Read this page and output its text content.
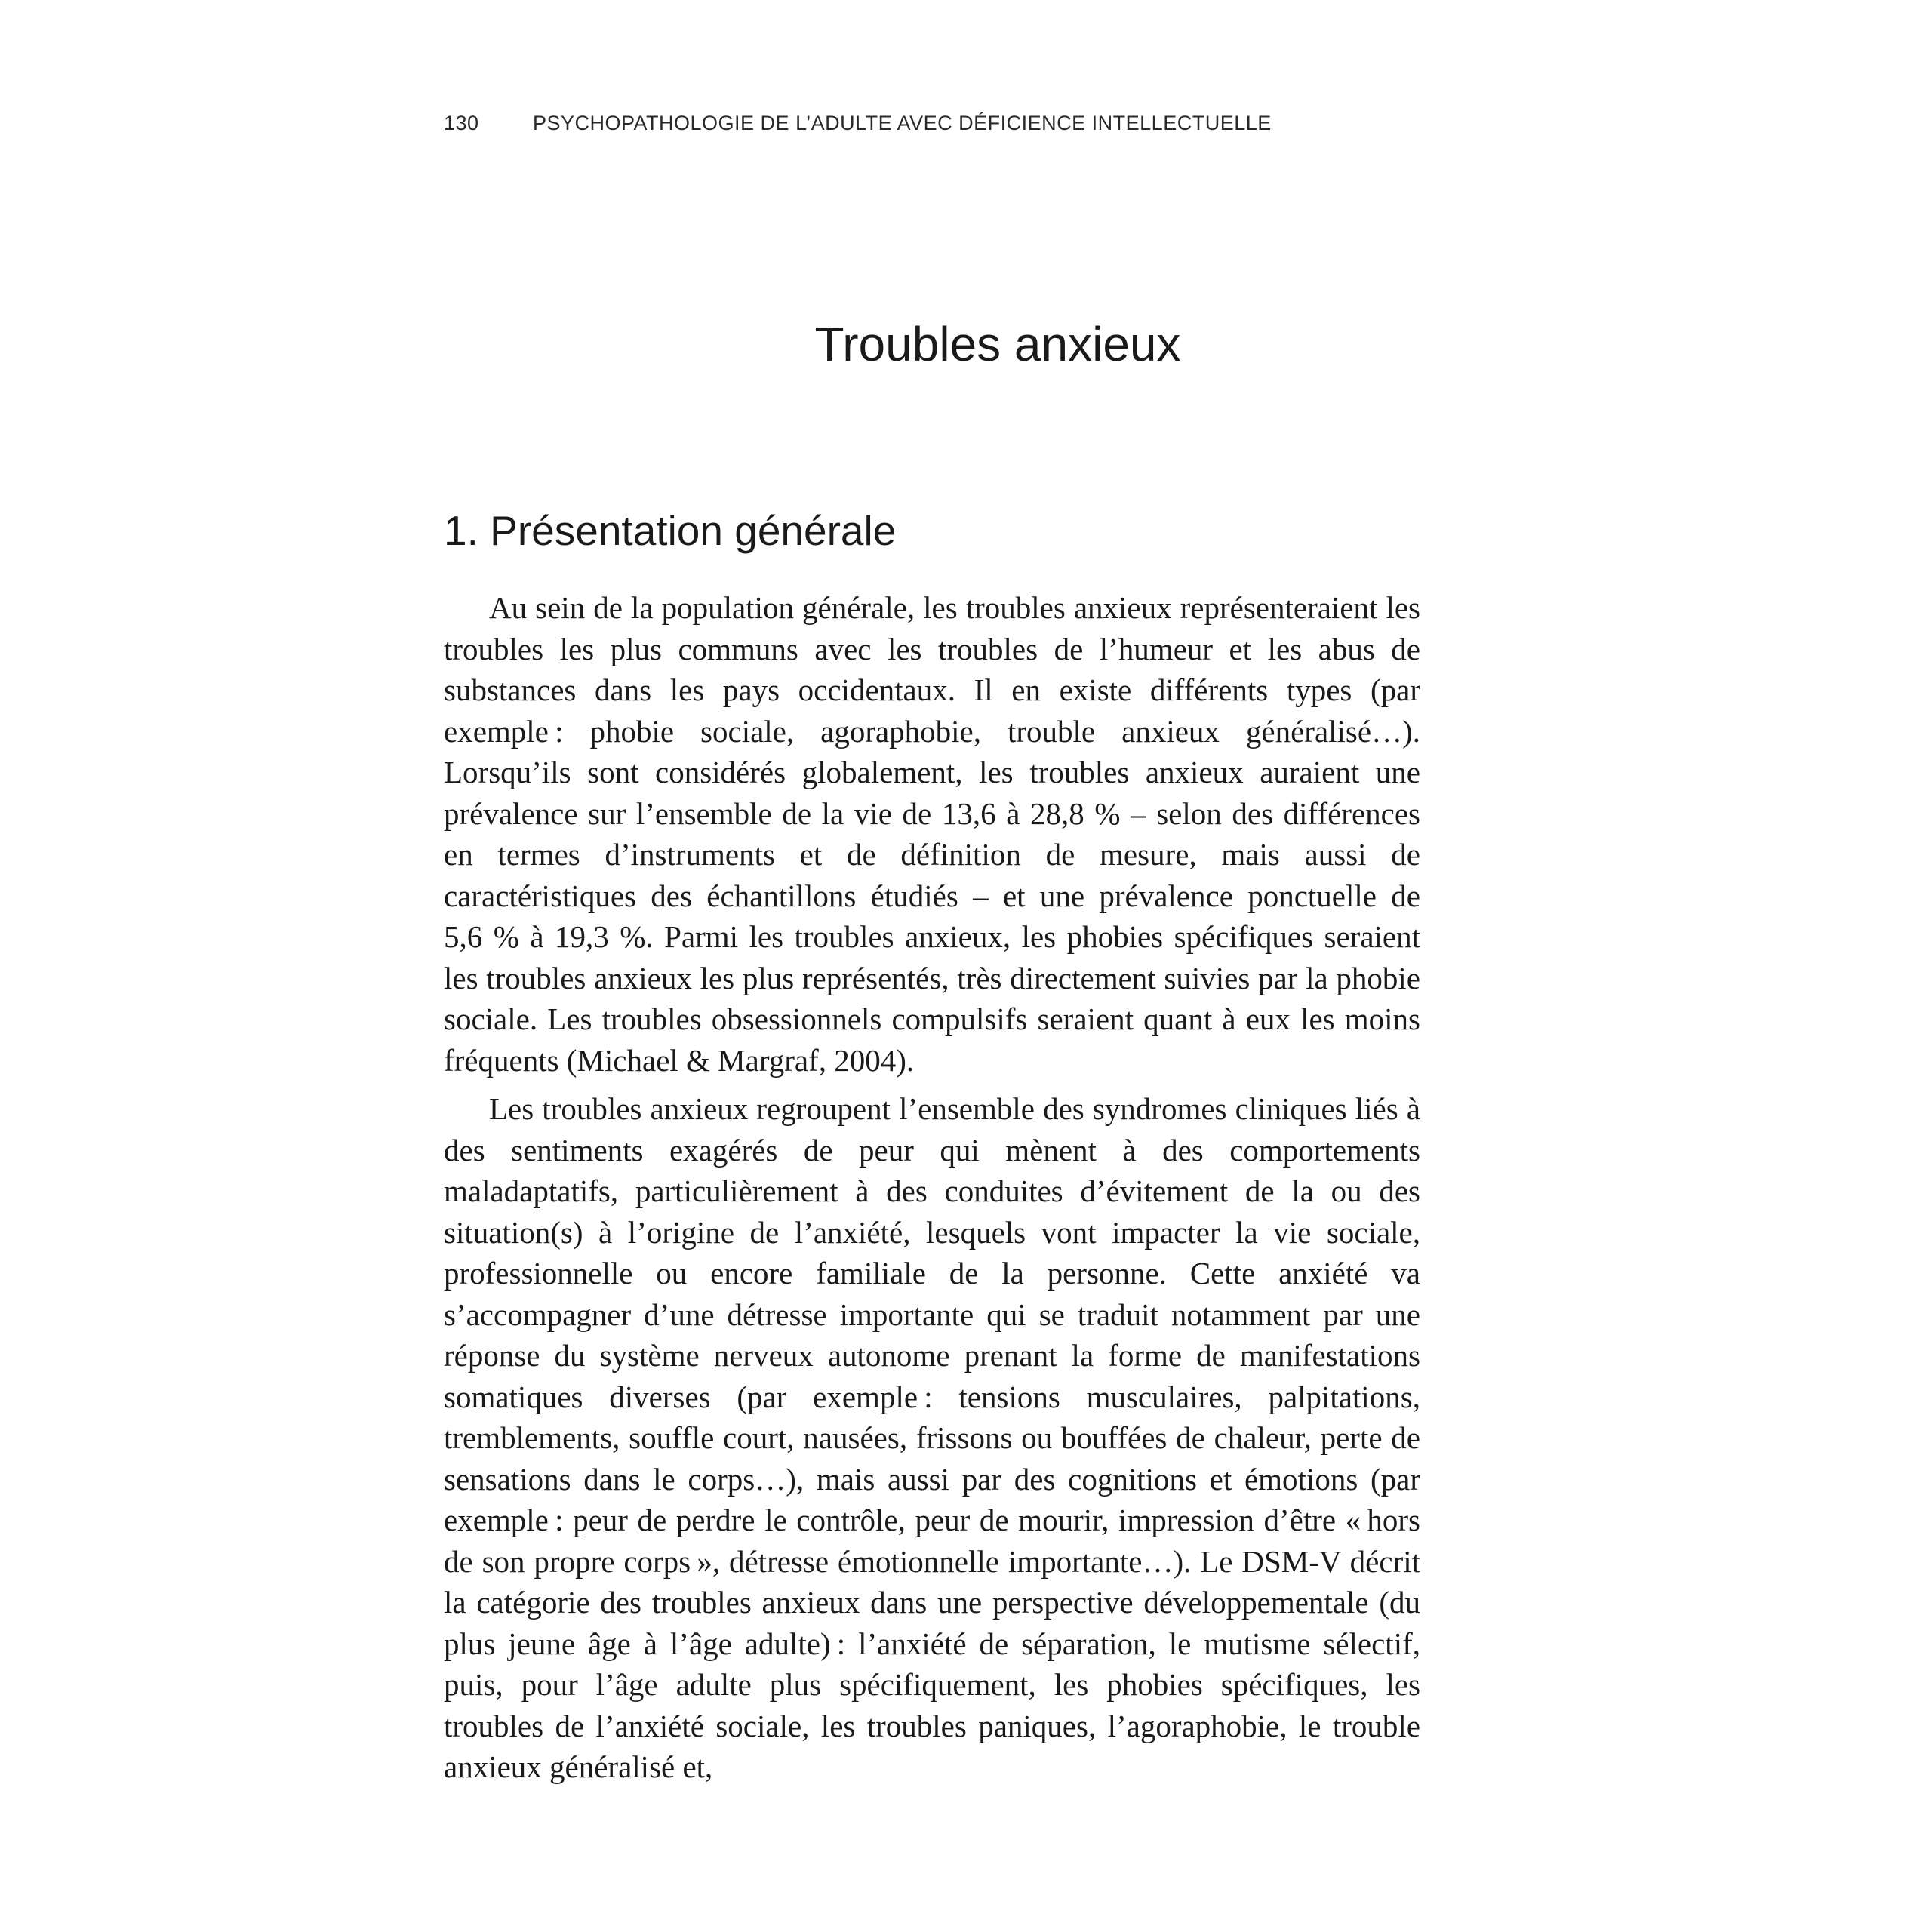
130	PSYCHOPATHOLOGIE DE L’ADULTE AVEC DÉFICIENCE INTELLECTUELLE
Troubles anxieux
1. Présentation générale

Au sein de la population générale, les troubles anxieux représenteraient les troubles les plus communs avec les troubles de l’humeur et les abus de substances dans les pays occidentaux. Il en existe différents types (par exemple : phobie sociale, agoraphobie, trouble anxieux généralisé…). Lorsqu’ils sont considérés globalement, les troubles anxieux auraient une prévalence sur l’ensemble de la vie de 13,6 à 28,8 % – selon des différences en termes d’instruments et de définition de mesure, mais aussi de caractéristiques des échantillons étudiés – et une prévalence ponctuelle de 5,6 % à 19,3 %. Parmi les troubles anxieux, les phobies spécifiques seraient les troubles anxieux les plus représentés, très directement suivies par la phobie sociale. Les troubles obsessionnels compulsifs seraient quant à eux les moins fréquents (Michael & Margraf, 2004).

Les troubles anxieux regroupent l’ensemble des syndromes cliniques liés à des sentiments exagérés de peur qui mènent à des comportements maladaptatifs, particulièrement à des conduites d’évitement de la ou des situation(s) à l’origine de l’anxiété, lesquels vont impacter la vie sociale, professionnelle ou encore familiale de la personne. Cette anxiété va s’accompagner d’une détresse importante qui se traduit notamment par une réponse du système nerveux autonome prenant la forme de manifestations somatiques diverses (par exemple : tensions musculaires, palpitations, tremblements, souffle court, nausées, frissons ou bouffées de chaleur, perte de sensations dans le corps…), mais aussi par des cognitions et émotions (par exemple : peur de perdre le contrôle, peur de mourir, impression d’être « hors de son propre corps », détresse émotionnelle importante…). Le DSM-V décrit la catégorie des troubles anxieux dans une perspective développementale (du plus jeune âge à l’âge adulte) : l’anxiété de séparation, le mutisme sélectif, puis, pour l’âge adulte plus spécifiquement, les phobies spécifiques, les troubles de l’anxiété sociale, les troubles paniques, l’agoraphobie, le trouble anxieux généralisé et,
